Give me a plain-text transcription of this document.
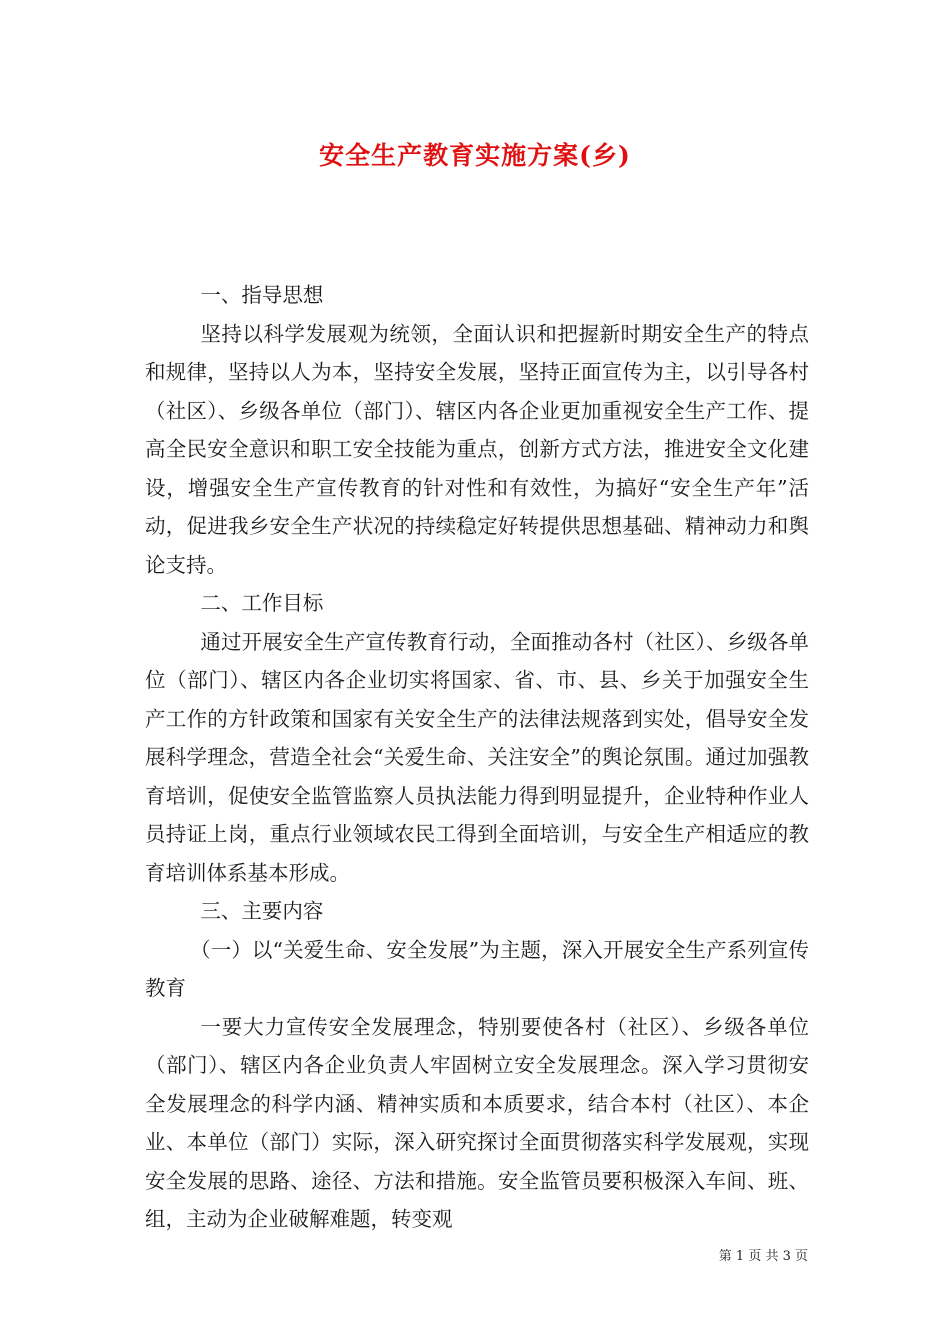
安全生产教育实施方案(乡)

一、指导思想

坚持以科学发展观为统领，全面认识和把握新时期安全生产的特点和规律，坚持以人为本，坚持安全发展，坚持正面宣传为主，以引导各村（社区）、乡级各单位（部门）、辖区内各企业更加重视安全生产工作、提高全民安全意识和职工安全技能为重点，创新方式方法，推进安全文化建设，增强安全生产宣传教育的针对性和有效性，为搞好“安全生产年”活动，促进我乡安全生产状况的持续稳定好转提供思想基础、精神动力和舆论支持。

二、工作目标

通过开展安全生产宣传教育行动，全面推动各村（社区）、乡级各单位（部门）、辖区内各企业切实将国家、省、市、县、乡关于加强安全生产工作的方针政策和国家有关安全生产的法律法规落到实处，倡导安全发展科学理念，营造全社会“关爱生命、关注安全”的舆论氛围。通过加强教育培训，促使安全监管监察人员执法能力得到明显提升，企业特种作业人员持证上岗，重点行业领域农民工得到全面培训，与安全生产相适应的教育培训体系基本形成。

三、主要内容

（一）以“关爱生命、安全发展”为主题，深入开展安全生产系列宣传教育

一要大力宣传安全发展理念，特别要使各村（社区）、乡级各单位（部门）、辖区内各企业负责人牢固树立安全发展理念。深入学习贯彻安全发展理念的科学内涵、精神实质和本质要求，结合本村（社区）、本企业、本单位（部门）实际，深入研究探讨全面贯彻落实科学发展观，实现安全发展的思路、途径、方法和措施。安全监管员要积极深入车间、班、组，主动为企业破解难题，转变观

第 1 页 共 3 页
